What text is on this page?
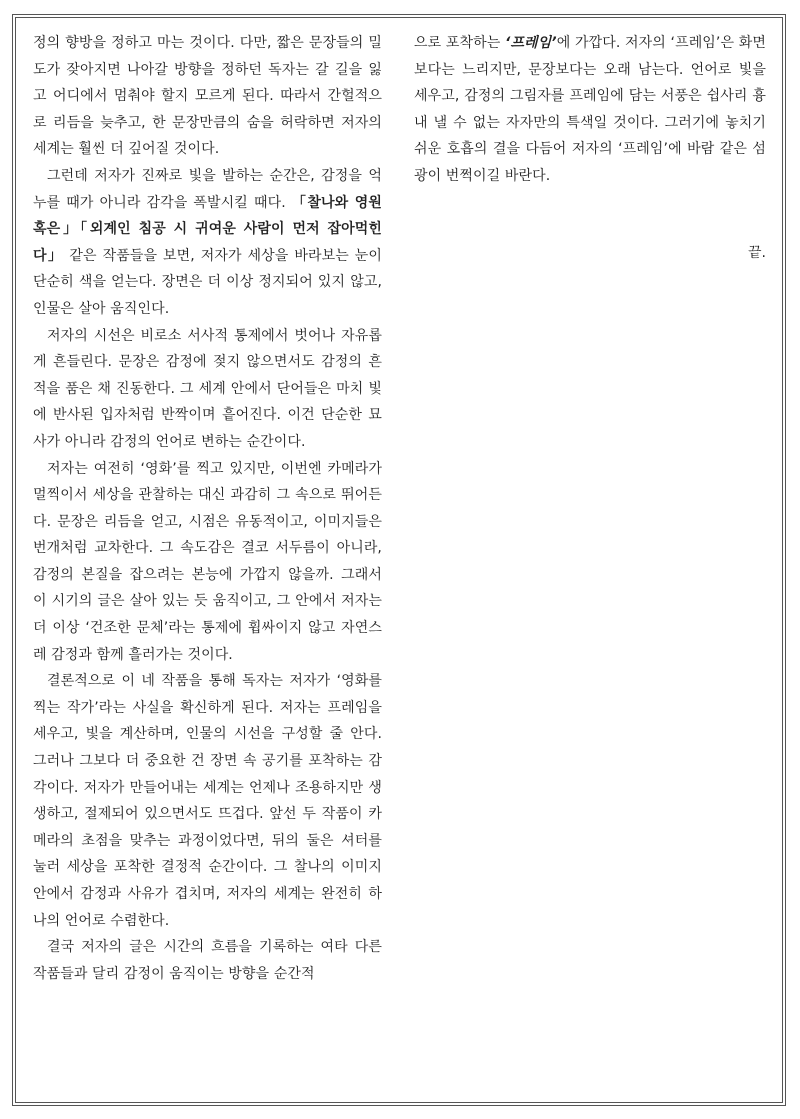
정의 향방을 정하고 마는 것이다. 다만, 짧은 문장들의 밀도가 잦아지면 나아갈 방향을 정하던 독자는 갈 길을 잃고 어디에서 멈춰야 할지 모르게 된다. 따라서 간헐적으로 리듬을 늦추고, 한 문장만큼의 숨을 허락하면 저자의 세계는 훨씬 더 깊어질 것이다.

그런데 저자가 진짜로 빛을 발하는 순간은, 감정을 억누를 때가 아니라 감각을 폭발시킬 때다. 「찰나와 영원 혹은」「외계인 침공 시 귀여운 사람이 먼저 잡아먹힌다」 같은 작품들을 보면, 저자가 세상을 바라보는 눈이 단순히 색을 얻는다. 장면은 더 이상 정지되어 있지 않고, 인물은 살아 움직인다.

저자의 시선은 비로소 서사적 통제에서 벗어나 자유롭게 흔들린다. 문장은 감정에 젖지 않으면서도 감정의 흔적을 품은 채 진동한다. 그 세계 안에서 단어들은 마치 빛에 반사된 입자처럼 반짝이며 흩어진다. 이건 단순한 묘사가 아니라 감정의 언어로 변하는 순간이다.

저자는 여전히 ‘영화’를 찍고 있지만, 이번엔 카메라가 멀찍이서 세상을 관찰하는 대신 과감히 그 속으로 뛰어든다. 문장은 리듬을 얻고, 시점은 유동적이고, 이미지들은 번개처럼 교차한다. 그 속도감은 결코 서두름이 아니라, 감정의 본질을 잡으려는 본능에 가깝지 않을까. 그래서 이 시기의 글은 살아 있는 듯 움직이고, 그 안에서 저자는 더 이상 ‘건조한 문체’라는 통제에 휩싸이지 않고 자연스레 감정과 함께 흘러가는 것이다.

결론적으로 이 네 작품을 통해 독자는 저자가 ‘영화를 찍는 작가’라는 사실을 확신하게 된다. 저자는 프레임을 세우고, 빛을 계산하며, 인물의 시선을 구성할 줄 안다. 그러나 그보다 더 중요한 건 장면 속 공기를 포착하는 감각이다. 저자가 만들어내는 세계는 언제나 조용하지만 생생하고, 절제되어 있으면서도 뜨겁다. 앞선 두 작품이 카메라의 초점을 맞추는 과정이었다면, 뒤의 둘은 셔터를 눌러 세상을 포착한 결정적 순간이다. 그 찰나의 이미지 안에서 감정과 사유가 겹치며, 저자의 세계는 완전히 하나의 언어로 수렴한다.

결국 저자의 글은 시간의 흐름을 기록하는 여타 다른 작품들과 달리 감정이 움직이는 방향을 순간적

으로 포착하는 ‘프레임’에 가깝다. 저자의 ‘프레임’은 화면보다는 느리지만, 문장보다는 오래 남는다. 언어로 빛을 세우고, 감정의 그림자를 프레임에 담는 서풍은 쉽사리 흉내 낼 수 없는 자자만의 특색일 것이다. 그러기에 놓치기 쉬운 호흡의 결을 다듬어 저자의 ‘프레임’에 바람 같은 섬광이 번쩍이길 바란다.

끝.
